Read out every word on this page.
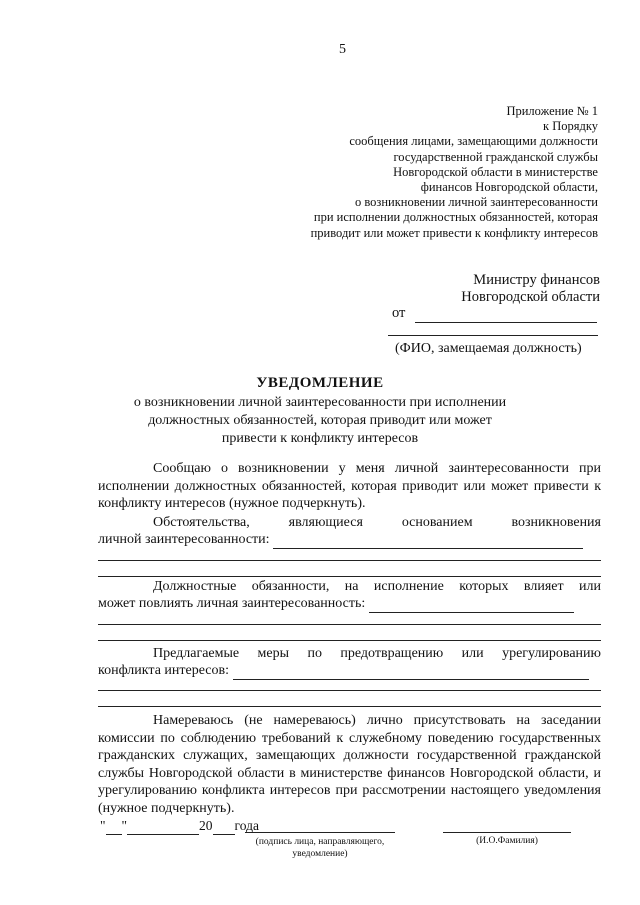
5
Приложение № 1
к Порядку
сообщения лицами, замещающими должности
государственной гражданской службы
Новгородской области в министерстве
финансов Новгородской области,
о возникновении личной заинтересованности
при исполнении должностных обязанностей, которая
приводит или может привести к конфликту интересов
Министру финансов
Новгородской области
от
(ФИО, замещаемая должность)
УВЕДОМЛЕНИЕ
о возникновении личной заинтересованности при исполнении
должностных обязанностей, которая приводит или может
привести к конфликту интересов
Сообщаю о возникновении у меня личной заинтересованности при исполнении должностных обязанностей, которая приводит или может привести к конфликту интересов (нужное подчеркнуть).
Обстоятельства, являющиеся основанием возникновения
личной заинтересованности:
Должностные обязанности, на исполнение которых влияет или
может повлиять личная заинтересованность:
Предлагаемые меры по предотвращению или урегулированию
конфликта интересов:
Намереваюсь (не намереваюсь) лично присутствовать на заседании комиссии по соблюдению требований к служебному поведению государственных гражданских служащих, замещающих должности государственной гражданской службы Новгородской области в министерстве финансов Новгородской области, и урегулированию конфликта интересов при рассмотрении настоящего уведомления (нужное подчеркнуть).
" "	20 года
(подпись лица, направляющего, уведомление)
(И.О.Фамилия)
